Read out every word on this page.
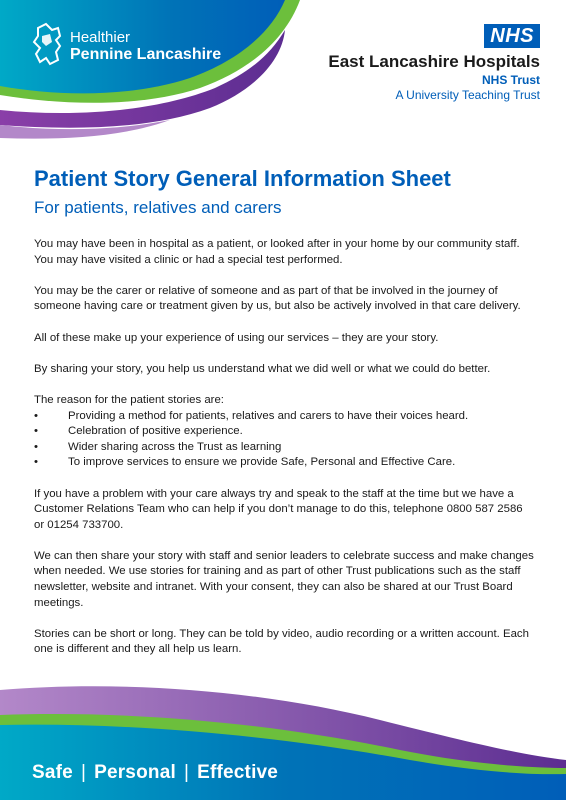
Healthier
Pennine Lancashire
NHS
East Lancashire Hospitals
NHS Trust
A University Teaching Trust
Patient Story General Information Sheet
For patients, relatives and carers

You may have been in hospital as a patient, or looked after in your home by our community staff. You may have visited a clinic or had a special test performed.

You may be the carer or relative of someone and as part of that be involved in the journey of someone having care or treatment given by us, but also be actively involved in that care delivery.

All of these make up your experience of using our services – they are your story.

By sharing your story, you help us understand what we did well or what we could do better.

The reason for the patient stories are:

•	Providing a method for patients, relatives and carers to have their voices heard.
•	Celebration of positive experience.
•	Wider sharing across the Trust as learning
•	To improve services to ensure we provide Safe, Personal and Effective Care.

If you have a problem with your care always try and speak to the staff at the time but we have a Customer Relations Team who can help if you don’t manage to do this, telephone 0800 587 2586 or 01254 733700.

We can then share your story with staff and senior leaders to celebrate success and make changes when needed. We use stories for training and as part of other Trust publications such as the staff newsletter, website and intranet. With your consent, they can also be shared at our Trust Board meetings.

Stories can be short or long. They can be told by video, audio recording or a written account. Each one is different and they all help us learn.

Safe | Personal | Effective
